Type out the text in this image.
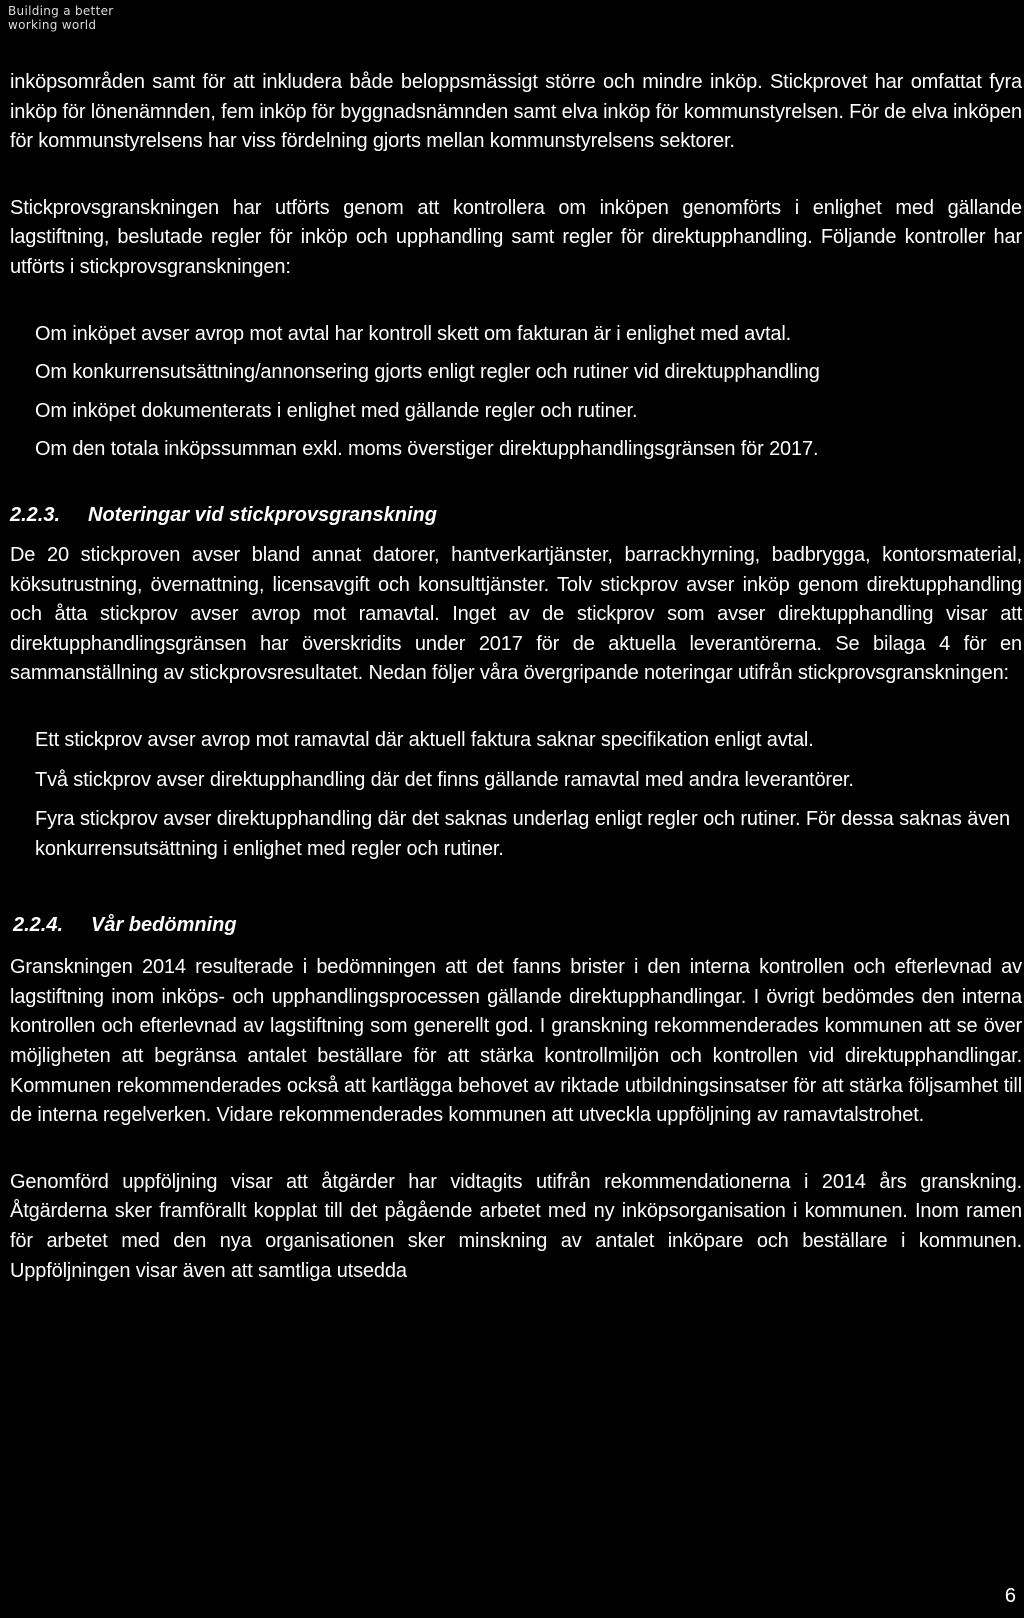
Building a better
working world

inköpsområden samt för att inkludera både beloppsmässigt större och mindre inköp. Stickprovet har omfattat fyra inköp för lönenämnden, fem inköp för byggnadsnämnden samt elva inköp för kommunstyrelsen. För de elva inköpen för kommunstyrelsens har viss fördelning gjorts mellan kommunstyrelsens sektorer.

Stickprovsgranskningen har utförts genom att kontrollera om inköpen genomförts i enlighet med gällande lagstiftning, beslutade regler för inköp och upphandling samt regler för direktupphandling. Följande kontroller har utförts i stickprovsgranskningen:

Om inköpet avser avrop mot avtal har kontroll skett om fakturan är i enlighet med avtal.
Om konkurrensutsättning/annonsering gjorts enligt regler och rutiner vid direktupphandling
Om inköpet dokumenterats i enlighet med gällande regler och rutiner.
Om den totala inköpssumman exkl. moms överstiger direktupphandlingsgränsen för 2017.
2.2.3. Noteringar vid stickprovsgranskning

De 20 stickproven avser bland annat datorer, hantverkartjänster, barrackhyrning, badbrygga, kontorsmaterial, köksutrustning, övernattning, licensavgift och konsulttjänster. Tolv stickprov avser inköp genom direktupphandling och åtta stickprov avser avrop mot ramavtal. Inget av de stickprov som avser direktupphandling visar att direktupphandlingsgränsen har överskridits under 2017 för de aktuella leverantörerna. Se bilaga 4 för en sammanställning av stickprovsresultatet. Nedan följer våra övergripande noteringar utifrån stickprovsgranskningen:

Ett stickprov avser avrop mot ramavtal där aktuell faktura saknar specifikation enligt avtal.
Två stickprov avser direktupphandling där det finns gällande ramavtal med andra leverantörer.
Fyra stickprov avser direktupphandling där det saknas underlag enligt regler och rutiner. För dessa saknas även konkurrensutsättning i enlighet med regler och rutiner.
2.2.4. Vår bedömning

Granskningen 2014 resulterade i bedömningen att det fanns brister i den interna kontrollen och efterlevnad av lagstiftning inom inköps- och upphandlingsprocessen gällande direktupphandlingar. I övrigt bedömdes den interna kontrollen och efterlevnad av lagstiftning som generellt god. I granskning rekommenderades kommunen att se över möjligheten att begränsa antalet beställare för att stärka kontrollmiljön och kontrollen vid direktupphandlingar. Kommunen rekommenderades också att kartlägga behovet av riktade utbildningsinsatser för att stärka följsamhet till de interna regelverken. Vidare rekommenderades kommunen att utveckla uppföljning av ramavtalstrohet.

Genomförd uppföljning visar att åtgärder har vidtagits utifrån rekommendationerna i 2014 års granskning. Åtgärderna sker framförallt kopplat till det pågående arbetet med ny inköpsorganisation i kommunen. Inom ramen för arbetet med den nya organisationen sker minskning av antalet inköpare och beställare i kommunen. Uppföljningen visar även att samtliga utsedda

6
